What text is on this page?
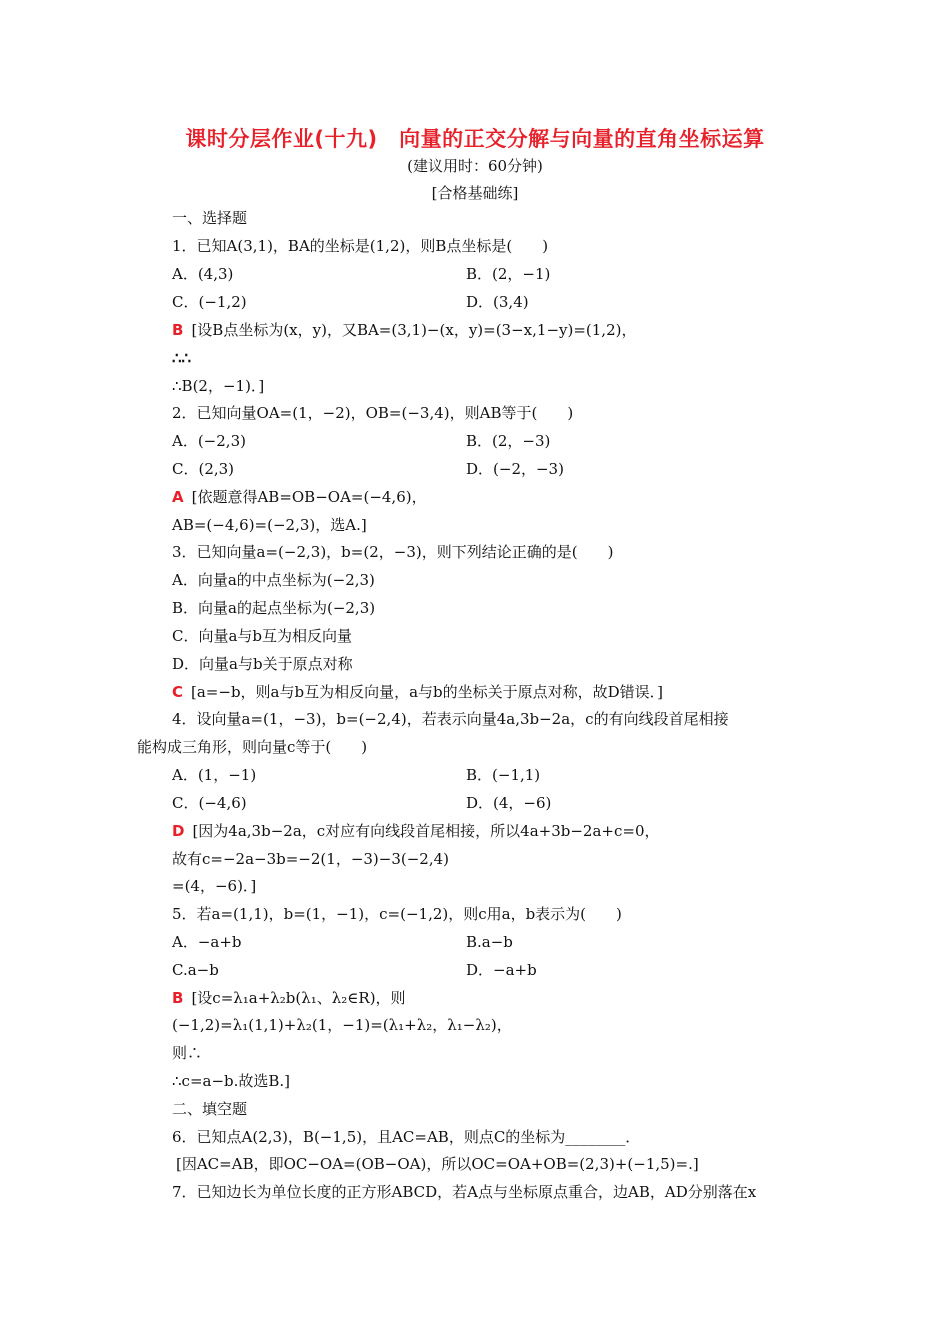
课时分层作业(十九)　向量的正交分解与向量的直角坐标运算
(建议用时：60分钟)
[合格基础练]
一、选择题
1．已知A(3,1)，BA的坐标是(1,2)，则B点坐标是(　　)
A．(4,3)	B．(2，−1)
C．(−1,2)	D．(3,4)
B [设B点坐标为(x，y)，又BA=(3,1)−(x，y)=(3−x,1−y)=(1,2)，
∴∴
∴B(2，−1)．]
2．已知向量OA=(1，−2)，OB=(−3,4)，则AB等于(　　)
A．(−2,3)	B．(2，−3)
C．(2,3)	D．(−2，−3)
A [依题意得AB=OB−OA=(−4,6)，
AB=(−4,6)=(−2,3)，选A.]
3．已知向量a=(−2,3)，b=(2，−3)，则下列结论正确的是(　　)
A．向量a的中点坐标为(−2,3)
B．向量a的起点坐标为(−2,3)
C．向量a与b互为相反向量
D．向量a与b关于原点对称
C [a=−b，则a与b互为相反向量，a与b的坐标关于原点对称，故D错误．]
4．设向量a=(1，−3)，b=(−2,4)，若表示向量4a,3b−2a，c的有向线段首尾相接
能构成三角形，则向量c等于(　　)
A．(1，−1)	B．(−1,1)
C．(−4,6)	D．(4，−6)
D [因为4a,3b−2a，c对应有向线段首尾相接，所以4a+3b−2a+c=0，
故有c=−2a−3b=−2(1，−3)−3(−2,4)
=(4，−6)．]
5．若a=(1,1)，b=(1，−1)，c=(−1,2)，则c用a，b表示为(　　)
A．−a+b	B.a−b
C.a−b	D．−a+b
B [设c=λ₁a+λ₂b(λ₁、λ₂∈R)，则
(−1,2)=λ₁(1,1)+λ₂(1，−1)=(λ₁+λ₂，λ₁−λ₂)，
则∴
∴c=a−b.故选B.]
二、填空题
6．已知点A(2,3)，B(−1,5)，且AC=AB，则点C的坐标为________．
[因AC=AB，即OC−OA=(OB−OA)，所以OC=OA+OB=(2,3)+(−1,5)=.]
7．已知边长为单位长度的正方形ABCD，若A点与坐标原点重合，边AB，AD分别落在x
